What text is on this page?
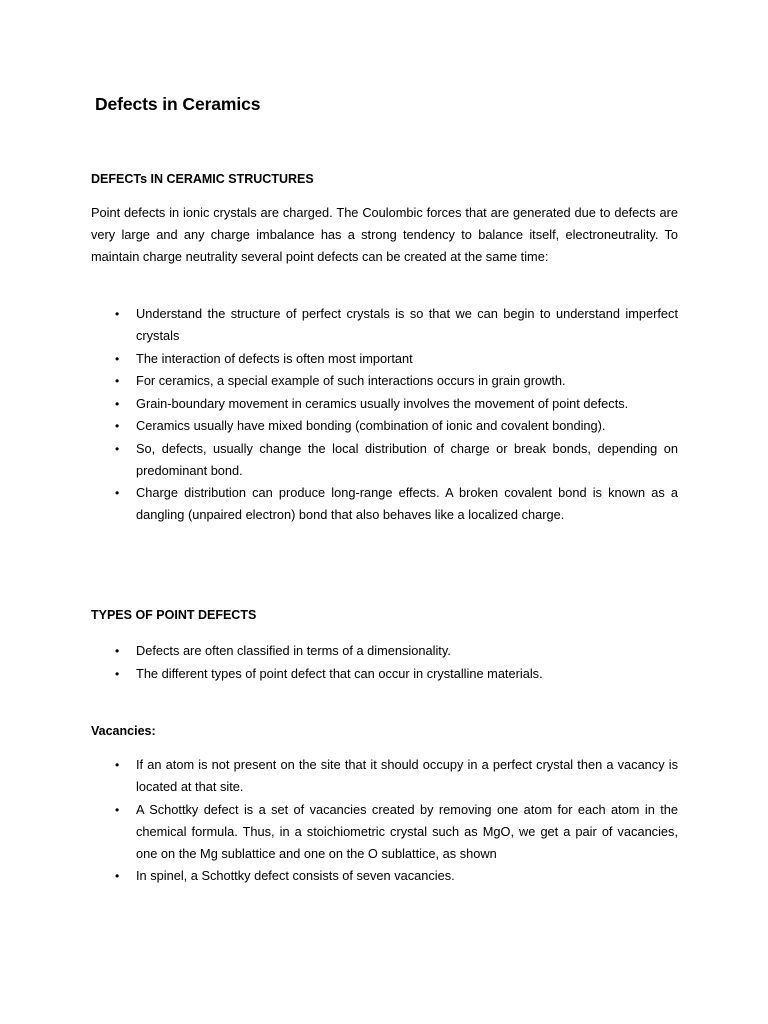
Defects in Ceramics
DEFECTs IN CERAMIC STRUCTURES
Point defects in ionic crystals are charged. The Coulombic forces that are generated due to defects are very large and any charge imbalance has a strong tendency to balance itself, electroneutrality. To maintain charge neutrality several point defects can be created at the same time:
• Understand the structure of perfect crystals is so that we can begin to understand imperfect crystals
• The interaction of defects is often most important
• For ceramics, a special example of such interactions occurs in grain growth.
• Grain-boundary movement in ceramics usually involves the movement of point defects.
• Ceramics usually have mixed bonding (combination of ionic and covalent bonding).
• So, defects, usually change the local distribution of charge or break bonds, depending on predominant bond.
• Charge distribution can produce long-range effects. A broken covalent bond is known as a dangling (unpaired electron) bond that also behaves like a localized charge.
TYPES OF POINT DEFECTS
• Defects are often classified in terms of a dimensionality.
• The different types of point defect that can occur in crystalline materials.
Vacancies:
• If an atom is not present on the site that it should occupy in a perfect crystal then a vacancy is located at that site.
• A Schottky defect is a set of vacancies created by removing one atom for each atom in the chemical formula. Thus, in a stoichiometric crystal such as MgO, we get a pair of vacancies, one on the Mg sublattice and one on the O sublattice, as shown
• In spinel, a Schottky defect consists of seven vacancies.
